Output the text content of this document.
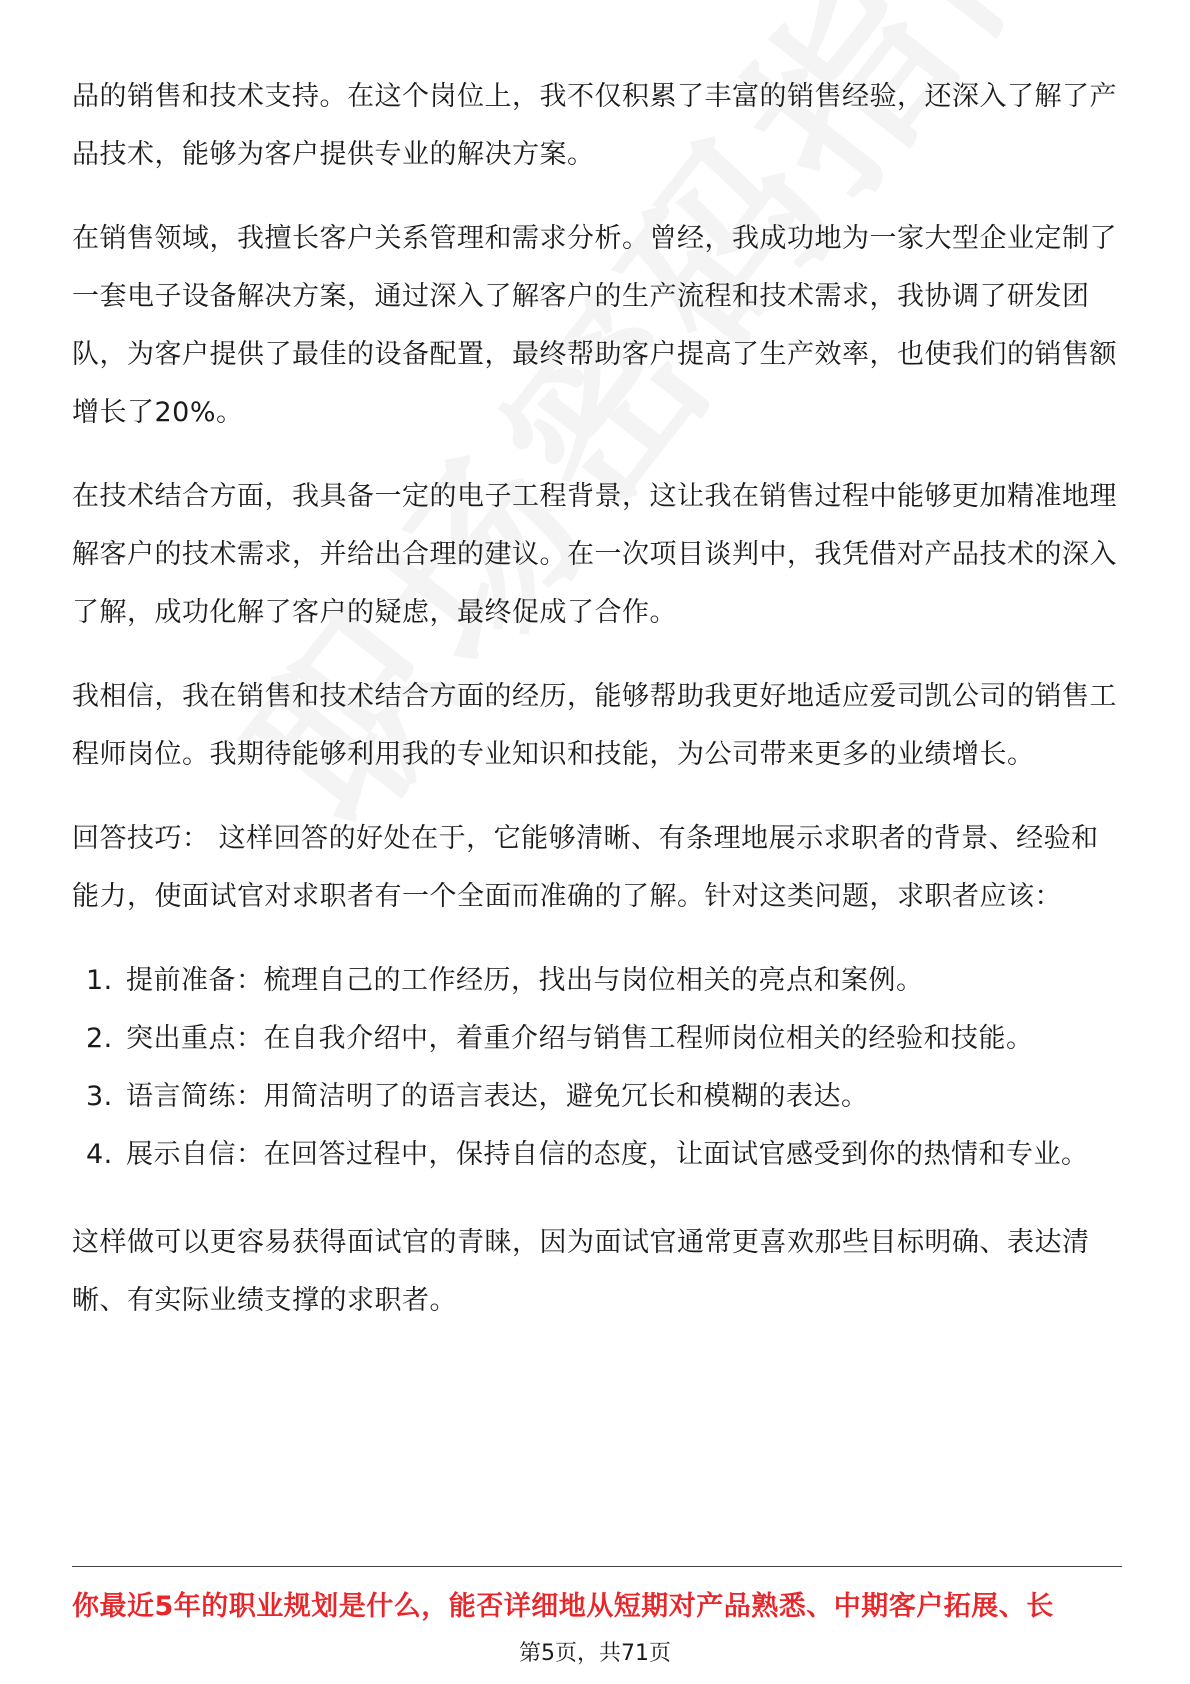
品的销售和技术支持。在这个岗位上，我不仅积累了丰富的销售经验，还深入了解了产品技术，能够为客户提供专业的解决方案。

在销售领域，我擅长客户关系管理和需求分析。曾经，我成功地为一家大型企业定制了一套电子设备解决方案，通过深入了解客户的生产流程和技术需求，我协调了研发团队，为客户提供了最佳的设备配置，最终帮助客户提高了生产效率，也使我们的销售额增长了20%。

在技术结合方面，我具备一定的电子工程背景，这让我在销售过程中能够更加精准地理解客户的技术需求，并给出合理的建议。在一次项目谈判中，我凭借对产品技术的深入了解，成功化解了客户的疑虑，最终促成了合作。

我相信，我在销售和技术结合方面的经历，能够帮助我更好地适应爱司凯公司的销售工程师岗位。我期待能够利用我的专业知识和技能，为公司带来更多的业绩增长。

回答技巧： 这样回答的好处在于，它能够清晰、有条理地展示求职者的背景、经验和能力，使面试官对求职者有一个全面而准确的了解。针对这类问题，求职者应该：

1. 提前准备：梳理自己的工作经历，找出与岗位相关的亮点和案例。
2. 突出重点：在自我介绍中，着重介绍与销售工程师岗位相关的经验和技能。
3. 语言简练：用简洁明了的语言表达，避免冗长和模糊的表达。
4. 展示自信：在回答过程中，保持自信的态度，让面试官感受到你的热情和专业。

这样做可以更容易获得面试官的青睐，因为面试官通常更喜欢那些目标明确、表达清晰、有实际业绩支撑的求职者。

你最近5年的职业规划是什么，能否详细地从短期对产品熟悉、中期客户拓展、长
第5页，共71页
